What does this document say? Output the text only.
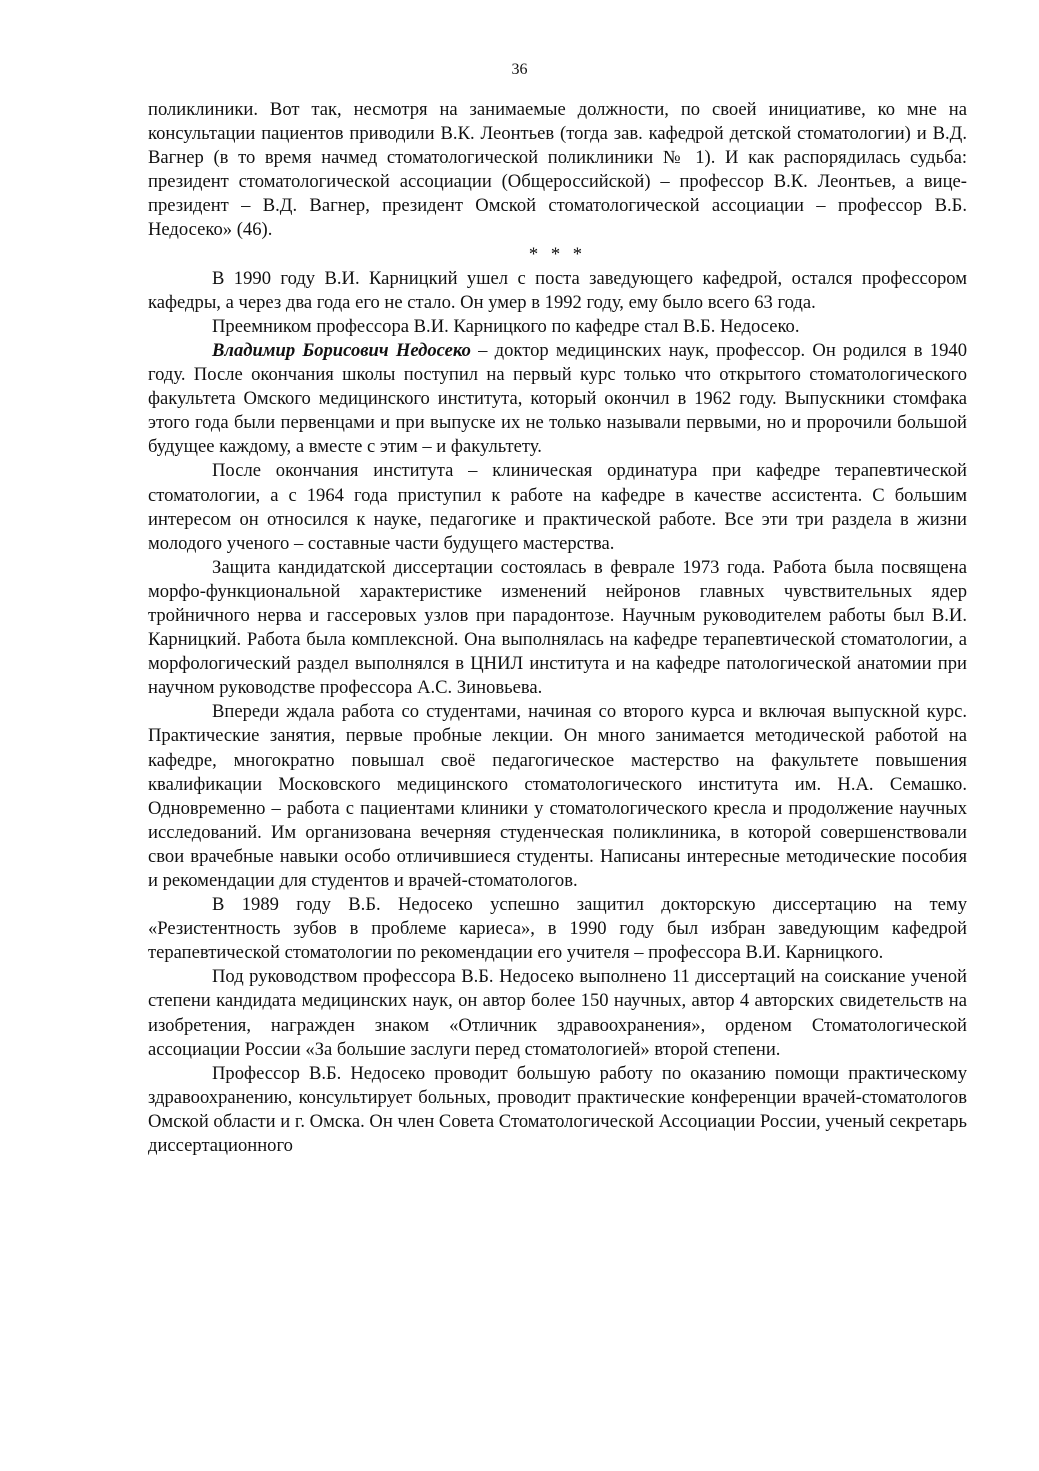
36

поликлиники. Вот так, несмотря на занимаемые должности, по своей инициативе, ко мне на консультации пациентов приводили В.К. Леонтьев (тогда зав. кафедрой детской стоматологии) и В.Д. Вагнер (в то время начмед стоматологической поликлиники № 1). И как распорядилась судьба: президент стоматологической ассоциации (Общероссийской) – профессор В.К. Леонтьев, а вице-президент – В.Д. Вагнер, президент Омской стоматологической ассоциации – профессор В.Б. Недосеко» (46).

* * *

В 1990 году В.И. Карницкий ушел с поста заведующего кафедрой, остался профессором кафедры, а через два года его не стало. Он умер в 1992 году, ему было всего 63 года.

Преемником профессора В.И. Карницкого по кафедре стал В.Б. Недосеко.

Владимир Борисович Недосеко – доктор медицинских наук, профессор. Он родился в 1940 году. После окончания школы поступил на первый курс только что открытого стоматологического факультета Омского медицинского института, который окончил в 1962 году. Выпускники стомфака этого года были первенцами и при выпуске их не только называли первыми, но и пророчили большой будущее каждому, а вместе с этим – и факультету.

После окончания института – клиническая ординатура при кафедре терапевтической стоматологии, а с 1964 года приступил к работе на кафедре в качестве ассистента. С большим интересом он относился к науке, педагогике и практической работе. Все эти три раздела в жизни молодого ученого – составные части будущего мастерства.

Защита кандидатской диссертации состоялась в феврале 1973 года. Работа была посвящена морфо-функциональной характеристике изменений нейронов главных чувствительных ядер тройничного нерва и гассеровых узлов при парадонтозе. Научным руководителем работы был В.И. Карницкий. Работа была комплексной. Она выполнялась на кафедре терапевтической стоматологии, а морфологический раздел выполнялся в ЦНИЛ института и на кафедре патологической анатомии при научном руководстве профессора А.С. Зиновьева.

Впереди ждала работа со студентами, начиная со второго курса и включая выпускной курс. Практические занятия, первые пробные лекции. Он много занимается методической работой на кафедре, многократно повышал своё педагогическое мастерство на факультете повышения квалификации Московского медицинского стоматологического института им. Н.А. Семашко. Одновременно – работа с пациентами клиники у стоматологического кресла и продолжение научных исследований. Им организована вечерняя студенческая поликлиника, в которой совершенствовали свои врачебные навыки особо отличившиеся студенты. Написаны интересные методические пособия и рекомендации для студентов и врачей-стоматологов.

В 1989 году В.Б. Недосеко успешно защитил докторскую диссертацию на тему «Резистентность зубов в проблеме кариеса», в 1990 году был избран заведующим кафедрой терапевтической стоматологии по рекомендации его учителя – профессора В.И. Карницкого.

Под руководством профессора В.Б. Недосеко выполнено 11 диссертаций на соискание ученой степени кандидата медицинских наук, он автор более 150 научных, автор 4 авторских свидетельств на изобретения, награжден знаком «Отличник здравоохранения», орденом Стоматологической ассоциации России «За большие заслуги перед стоматологией» второй степени.

Профессор В.Б. Недосеко проводит большую работу по оказанию помощи практическому здравоохранению, консультирует больных, проводит практические конференции врачей-стоматологов Омской области и г. Омска. Он член Совета Стоматологической Ассоциации России, ученый секретарь диссертационного
